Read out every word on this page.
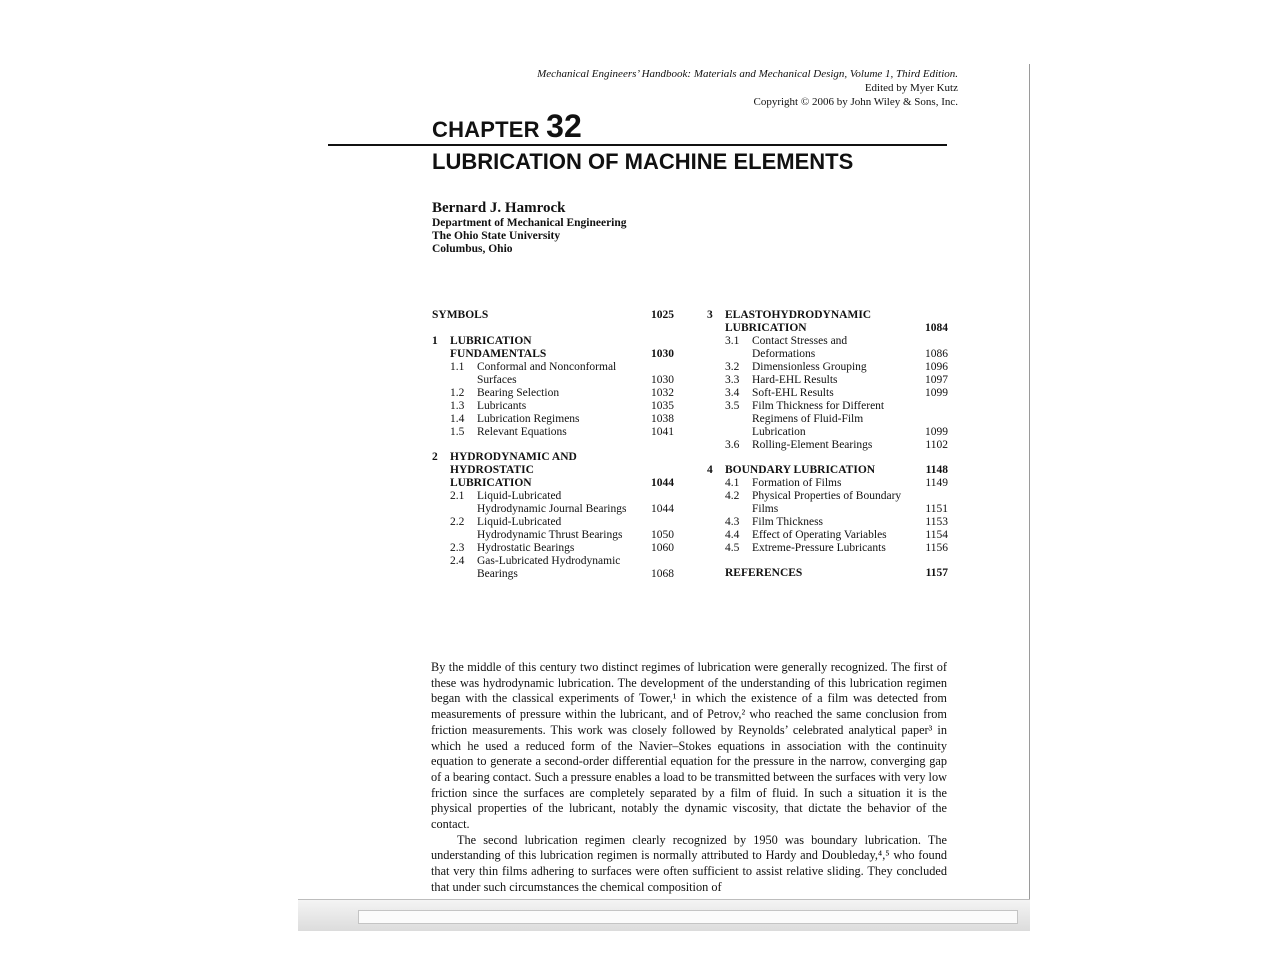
Mechanical Engineers’ Handbook: Materials and Mechanical Design, Volume 1, Third Edition.
Edited by Myer Kutz
Copyright © 2006 by John Wiley & Sons, Inc.
CHAPTER 32
LUBRICATION OF MACHINE ELEMENTS
Bernard J. Hamrock
Department of Mechanical Engineering
The Ohio State University
Columbus, Ohio
SYMBOLS	1025
1 LUBRICATION FUNDAMENTALS	1030
1.1 Conformal and Nonconformal Surfaces	1030
1.2 Bearing Selection	1032
1.3 Lubricants	1035
1.4 Lubrication Regimens	1038
1.5 Relevant Equations	1041
2 HYDRODYNAMIC AND HYDROSTATIC LUBRICATION	1044
2.1 Liquid-Lubricated Hydrodynamic Journal Bearings	1044
2.2 Liquid-Lubricated Hydrodynamic Thrust Bearings	1050
2.3 Hydrostatic Bearings	1060
2.4 Gas-Lubricated Hydrodynamic Bearings	1068
3 ELASTOHYDRODYNAMIC LUBRICATION	1084
3.1 Contact Stresses and Deformations	1086
3.2 Dimensionless Grouping	1096
3.3 Hard-EHL Results	1097
3.4 Soft-EHL Results	1099
3.5 Film Thickness for Different Regimens of Fluid-Film Lubrication	1099
3.6 Rolling-Element Bearings	1102
4 BOUNDARY LUBRICATION	1148
4.1 Formation of Films	1149
4.2 Physical Properties of Boundary Films	1151
4.3 Film Thickness	1153
4.4 Effect of Operating Variables	1154
4.5 Extreme-Pressure Lubricants	1156
REFERENCES	1157

By the middle of this century two distinct regimes of lubrication were generally recognized. The first of these was hydrodynamic lubrication. The development of the understanding of this lubrication regimen began with the classical experiments of Tower,¹ in which the existence of a film was detected from measurements of pressure within the lubricant, and of Petrov,² who reached the same conclusion from friction measurements. This work was closely followed by Reynolds’ celebrated analytical paper³ in which he used a reduced form of the Navier–Stokes equations in association with the continuity equation to generate a second-order differential equation for the pressure in the narrow, converging gap of a bearing contact. Such a pressure enables a load to be transmitted between the surfaces with very low friction since the surfaces are completely separated by a film of fluid. In such a situation it is the physical properties of the lubricant, notably the dynamic viscosity, that dictate the behavior of the contact.

The second lubrication regimen clearly recognized by 1950 was boundary lubrication. The understanding of this lubrication regimen is normally attributed to Hardy and Doubleday,⁴,⁵ who found that very thin films adhering to surfaces were often sufficient to assist relative sliding. They concluded that under such circumstances the chemical composition of
